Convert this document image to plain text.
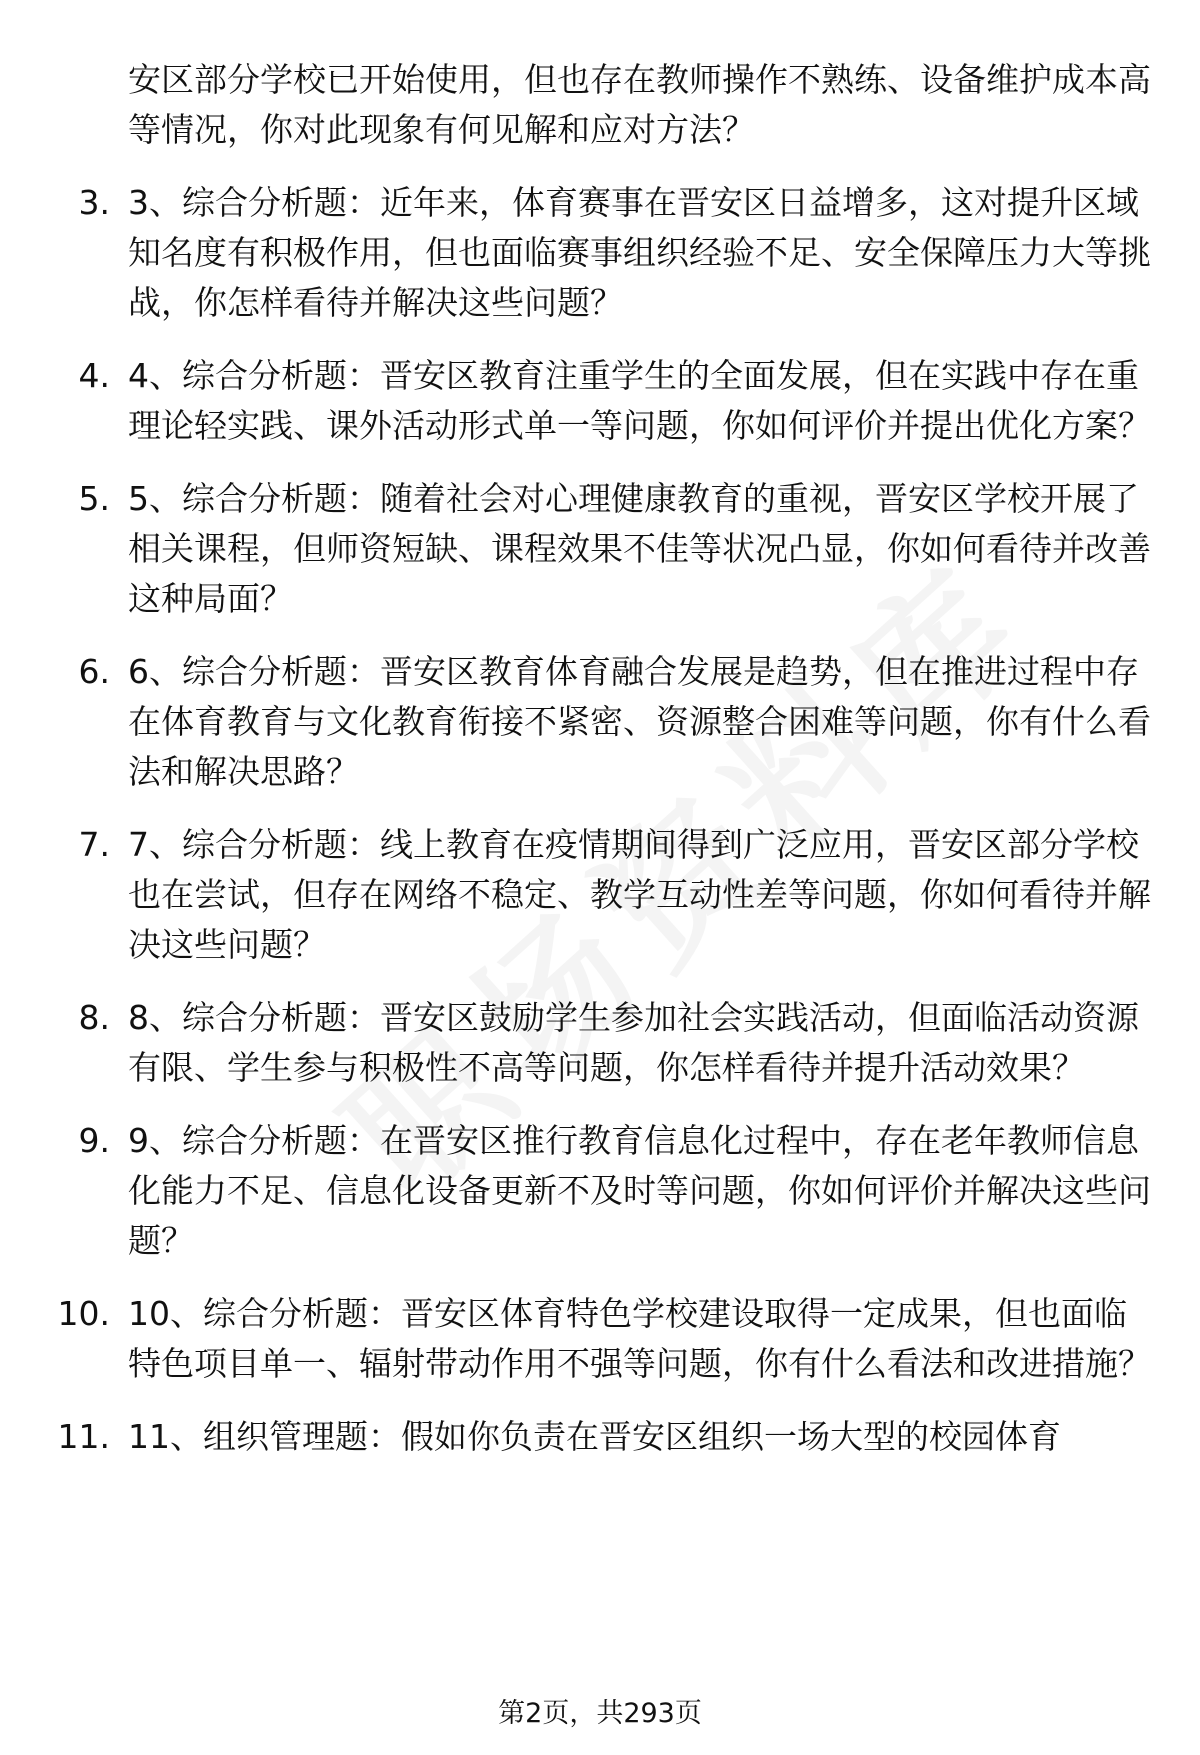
安区部分学校已开始使用，但也存在教师操作不熟练、设备维护成本高等情况，你对此现象有何见解和应对方法？
3. 3、综合分析题：近年来，体育赛事在晋安区日益增多，这对提升区域知名度有积极作用，但也面临赛事组织经验不足、安全保障压力大等挑战，你怎样看待并解决这些问题？
4. 4、综合分析题：晋安区教育注重学生的全面发展，但在实践中存在重理论轻实践、课外活动形式单一等问题，你如何评价并提出优化方案？
5. 5、综合分析题：随着社会对心理健康教育的重视，晋安区学校开展了相关课程，但师资短缺、课程效果不佳等状况凸显，你如何看待并改善这种局面？
6. 6、综合分析题：晋安区教育体育融合发展是趋势，但在推进过程中存在体育教育与文化教育衔接不紧密、资源整合困难等问题，你有什么看法和解决思路？
7. 7、综合分析题：线上教育在疫情期间得到广泛应用，晋安区部分学校也在尝试，但存在网络不稳定、教学互动性差等问题，你如何看待并解决这些问题？
8. 8、综合分析题：晋安区鼓励学生参加社会实践活动，但面临活动资源有限、学生参与积极性不高等问题，你怎样看待并提升活动效果？
9. 9、综合分析题：在晋安区推行教育信息化过程中，存在老年教师信息化能力不足、信息化设备更新不及时等问题，你如何评价并解决这些问题？
10. 10、综合分析题：晋安区体育特色学校建设取得一定成果，但也面临特色项目单一、辐射带动作用不强等问题，你有什么看法和改进措施？
11. 11、组织管理题：假如你负责在晋安区组织一场大型的校园体育
第2页，共293页
